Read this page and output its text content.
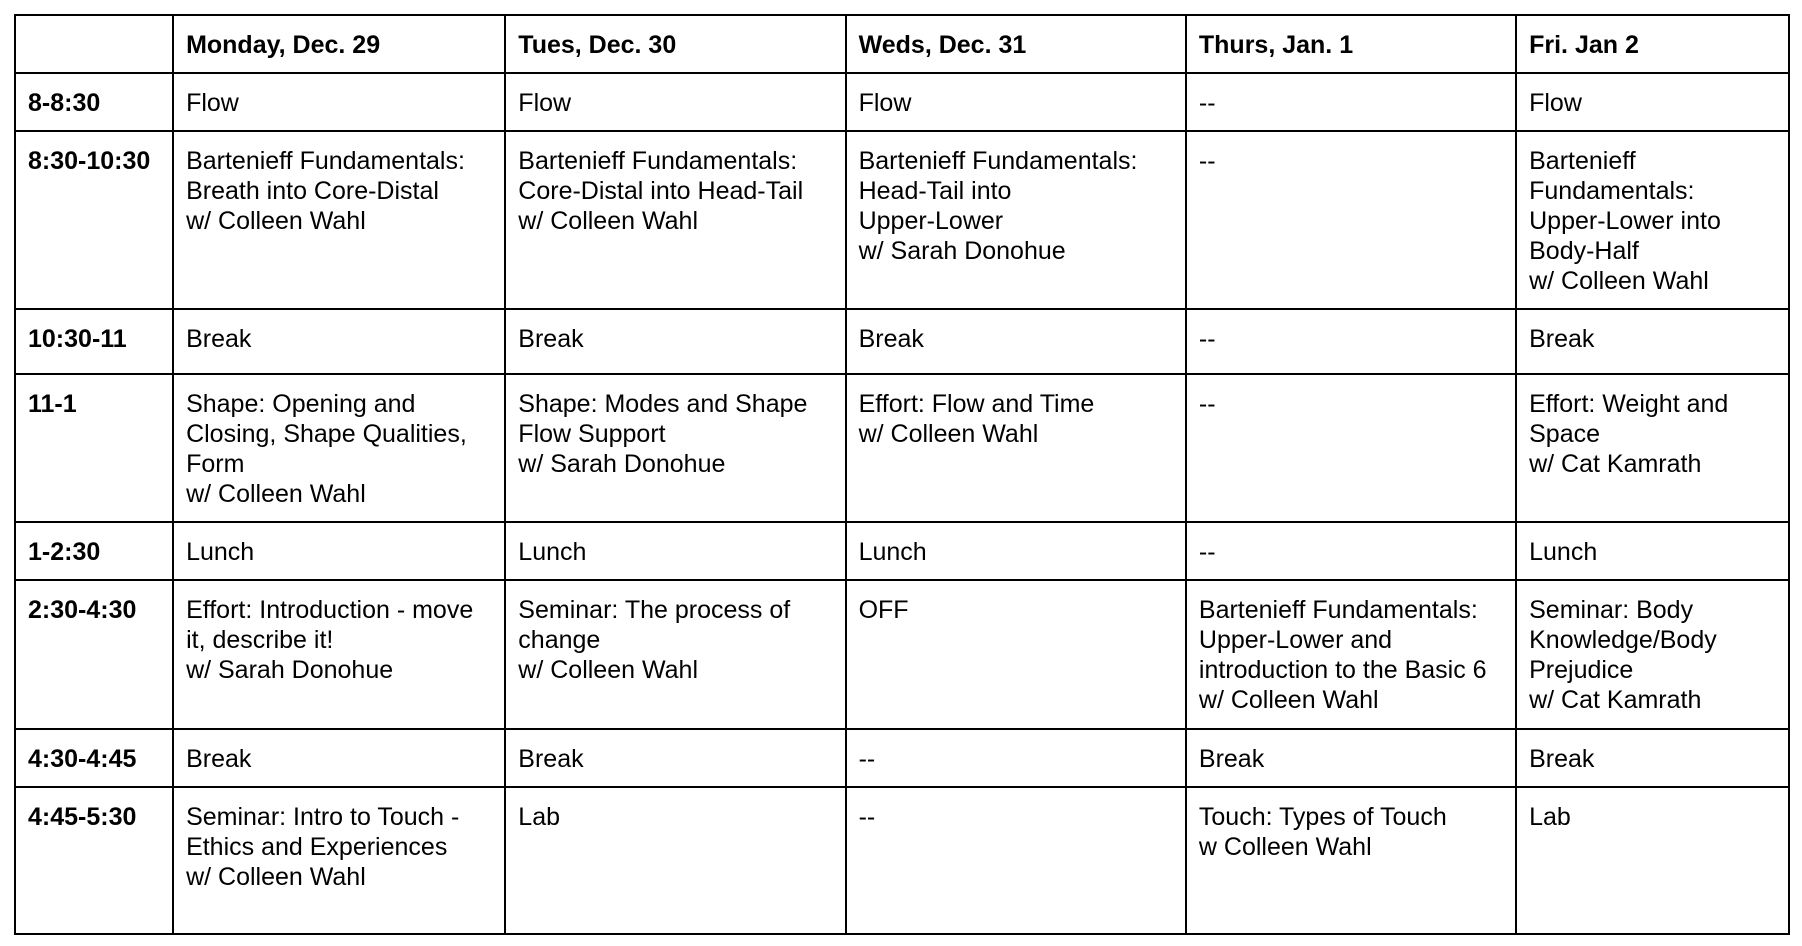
	Monday, Dec. 29	Tues, Dec. 30	Weds, Dec. 31	Thurs, Jan. 1	Fri. Jan 2
8-8:30	Flow	Flow	Flow	--	Flow
8:30-10:30	Bartenieff Fundamentals:
Breath into Core-Distal
w/ Colleen Wahl	Bartenieff Fundamentals:
Core-Distal into Head-Tail
w/ Colleen Wahl	Bartenieff Fundamentals:
Head-Tail into
Upper-Lower
w/ Sarah Donohue	--	Bartenieff
Fundamentals:
Upper-Lower into
Body-Half
w/ Colleen Wahl
10:30-11	Break	Break	Break	--	Break
11-1	Shape: Opening and
Closing, Shape Qualities,
Form
w/ Colleen Wahl	Shape: Modes and Shape
Flow Support
w/ Sarah Donohue	Effort: Flow and Time
w/ Colleen Wahl	--	Effort: Weight and
Space
w/ Cat Kamrath
1-2:30	Lunch	Lunch	Lunch	--	Lunch
2:30-4:30	Effort: Introduction - move
it, describe it!
w/ Sarah Donohue	Seminar: The process of
change
w/ Colleen Wahl	OFF	Bartenieff Fundamentals:
Upper-Lower and
introduction to the Basic 6
w/ Colleen Wahl	Seminar: Body
Knowledge/Body
Prejudice
w/ Cat Kamrath
4:30-4:45	Break	Break	--	Break	Break
4:45-5:30	Seminar: Intro to Touch -
Ethics and Experiences
w/ Colleen Wahl	Lab	--	Touch: Types of Touch
w Colleen Wahl	Lab
